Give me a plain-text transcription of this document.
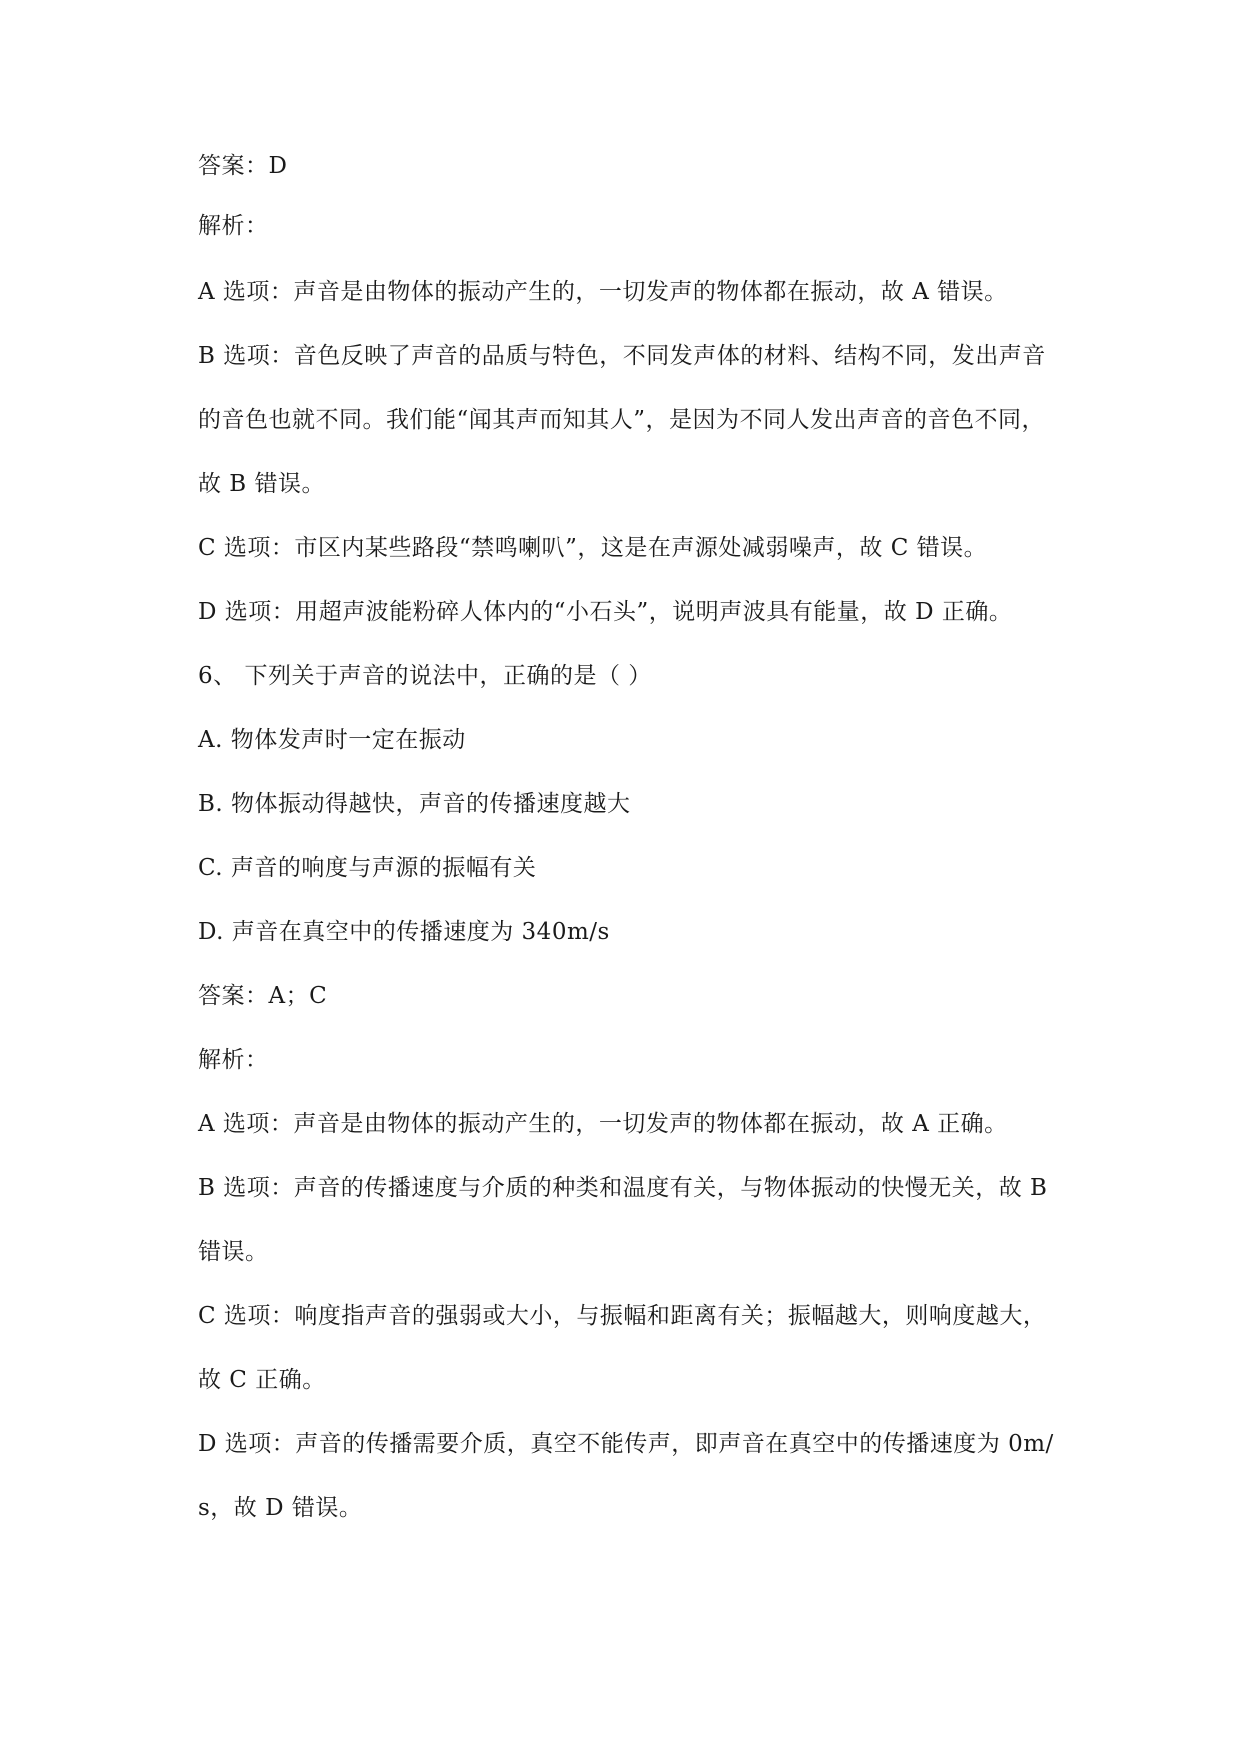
答案：D
解析：
A 选项：声音是由物体的振动产生的，一切发声的物体都在振动，故 A 错误。
B 选项：音色反映了声音的品质与特色，不同发声体的材料、结构不同，发出声音
的音色也就不同。我们能“闻其声而知其人”，是因为不同人发出声音的音色不同，
故 B 错误。
C 选项：市区内某些路段“禁鸣喇叭”，这是在声源处减弱噪声，故 C 错误。
D 选项：用超声波能粉碎人体内的“小石头”，说明声波具有能量，故 D 正确。
6、 下列关于声音的说法中，正确的是（ ）
A. 物体发声时一定在振动
B. 物体振动得越快，声音的传播速度越大
C. 声音的响度与声源的振幅有关
D. 声音在真空中的传播速度为 340m/s
答案：A；C
解析：
A 选项：声音是由物体的振动产生的，一切发声的物体都在振动，故 A 正确。
B 选项：声音的传播速度与介质的种类和温度有关，与物体振动的快慢无关，故 B
错误。
C 选项：响度指声音的强弱或大小，与振幅和距离有关；振幅越大，则响度越大，
故 C 正确。
D 选项：声音的传播需要介质，真空不能传声，即声音在真空中的传播速度为 0m/
s，故 D 错误。
